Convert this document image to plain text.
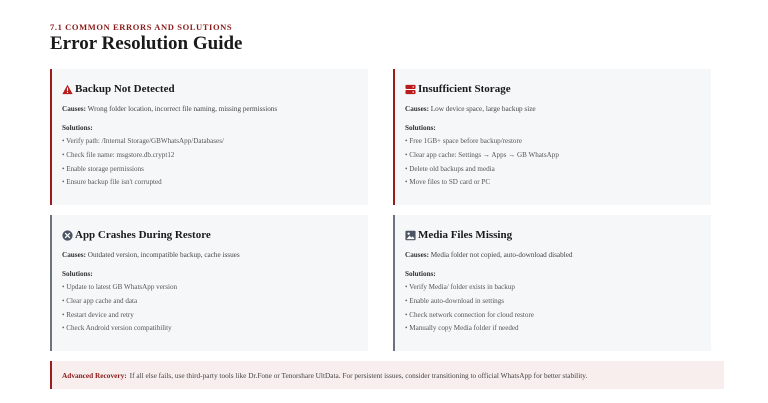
7.1 COMMON ERRORS AND SOLUTIONS
Error Resolution Guide
Backup Not Detected
Causes: Wrong folder location, incorrect file naming, missing permissions
Solutions:
• Verify path: /Internal Storage/GBWhatsApp/Databases/
• Check file name: msgstore.db.crypt12
• Enable storage permissions
• Ensure backup file isn't corrupted
Insufficient Storage
Causes: Low device space, large backup size
Solutions:
• Free 1GB+ space before backup/restore
• Clear app cache: Settings → Apps → GB WhatsApp
• Delete old backups and media
• Move files to SD card or PC
App Crashes During Restore
Causes: Outdated version, incompatible backup, cache issues
Solutions:
• Update to latest GB WhatsApp version
• Clear app cache and data
• Restart device and retry
• Check Android version compatibility
Media Files Missing
Causes: Media folder not copied, auto-download disabled
Solutions:
• Verify Media/ folder exists in backup
• Enable auto-download in settings
• Check network connection for cloud restore
• Manually copy Media folder if needed
Advanced Recovery: If all else fails, use third-party tools like Dr.Fone or Tenorshare UltData. For persistent issues, consider transitioning to official WhatsApp for better stability.
